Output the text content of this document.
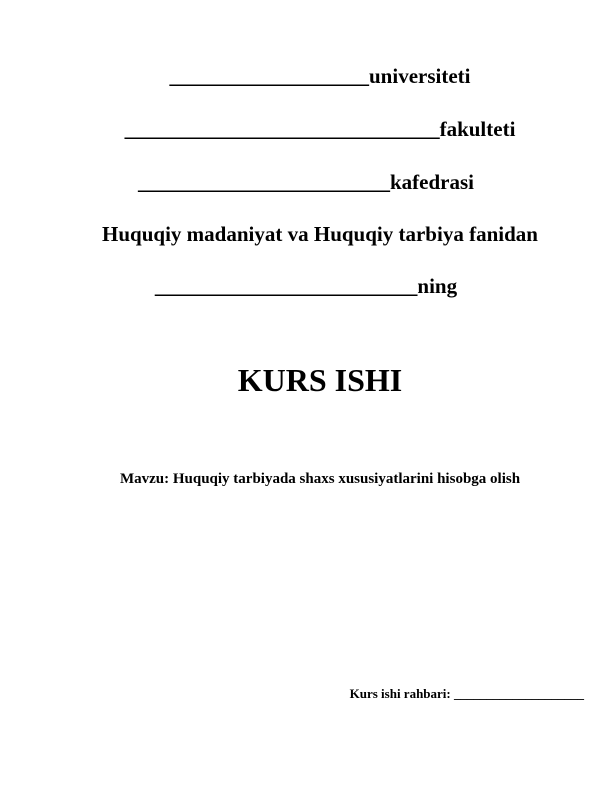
___________________universiteti

______________________________fakulteti

________________________kafedrasi

Huquqiy madaniyat va Huquqiy tarbiya fanidan

_________________________ning

KURS ISHI

Mavzu: Huquqiy tarbiyada shaxs xususiyatlarini hisobga olish

Kurs ishi rahbari: ____________________
